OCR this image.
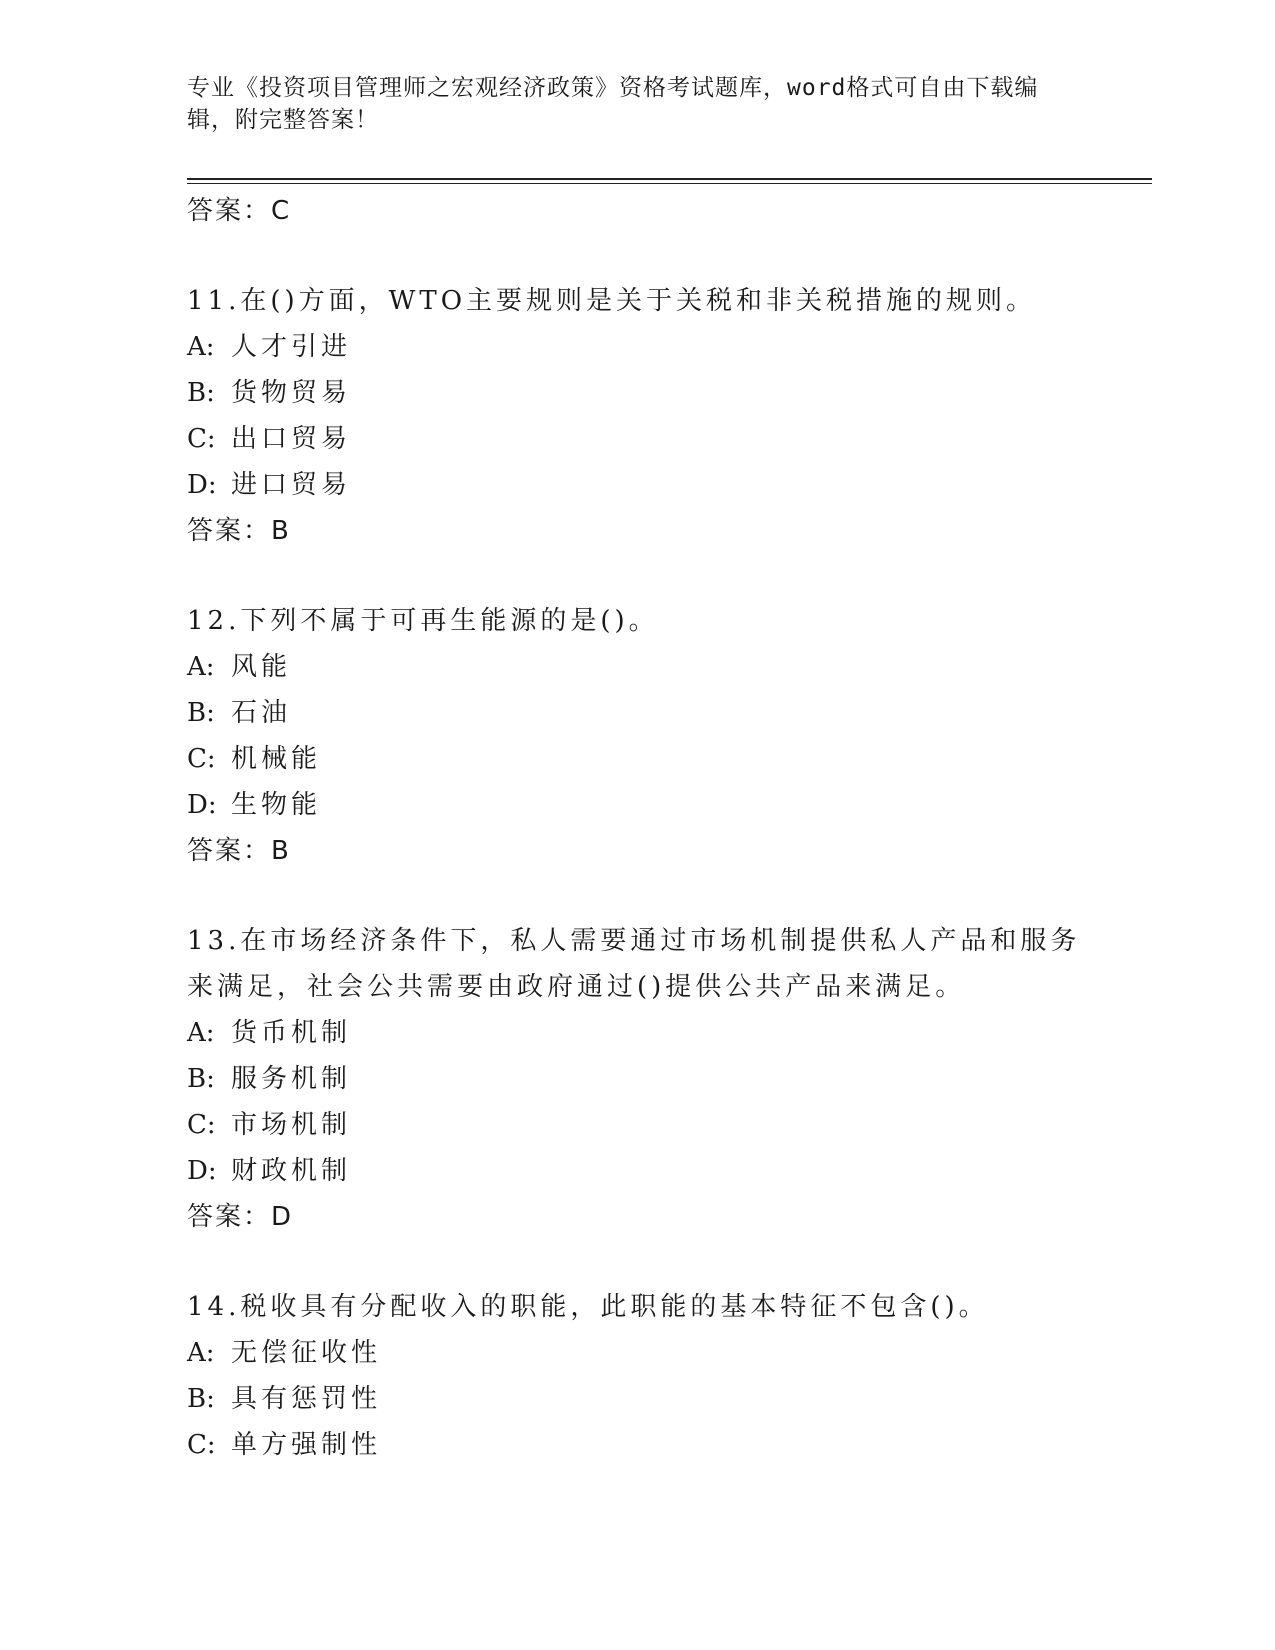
专业《投资项目管理师之宏观经济政策》资格考试题库，word格式可自由下载编辑，附完整答案！
答案：C
11.在()方面，WTO主要规则是关于关税和非关税措施的规则。
A: 人才引进
B: 货物贸易
C: 出口贸易
D: 进口贸易
答案：B
12.下列不属于可再生能源的是()。
A: 风能
B: 石油
C: 机械能
D: 生物能
答案：B
13.在市场经济条件下，私人需要通过市场机制提供私人产品和服务来满足，社会公共需要由政府通过()提供公共产品来满足。
A: 货币机制
B: 服务机制
C: 市场机制
D: 财政机制
答案：D
14.税收具有分配收入的职能，此职能的基本特征不包含()。
A: 无偿征收性
B: 具有惩罚性
C: 单方强制性
